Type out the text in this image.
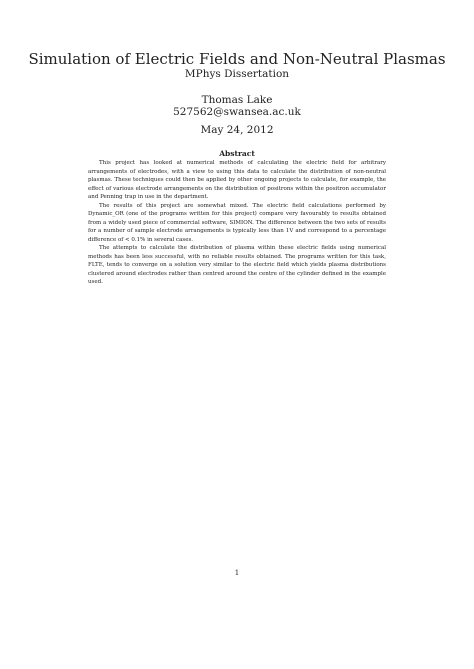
Simulation of Electric Fields and Non-Neutral Plasmas
MPhys Dissertation
Thomas Lake
527562@swansea.ac.uk
May 24, 2012
Abstract

This project has looked at numerical methods of calculating the electric field for arbitrary arrangements of electrodes, with a view to using this data to calculate the distribution of non-neutral plasmas. These techniques could then be applied by other ongoing projects to calculate, for example, the effect of various electrode arrangements on the distribution of positrons within the positron accumulator and Penning trap in use in the department.

The results of this project are somewhat mixed. The electric field calculations performed by Dynamic_OR (one of the programs written for this project) compare very favourably to results obtained from a widely used piece of commercial software, SIMION. The difference between the two sets of results for a number of sample electrode arrangements is typically less than 1V and correspond to a percentage difference of < 0.1% in several cases.

The attempts to calculate the distribution of plasma within these electric fields using numerical methods has been less successful, with no reliable results obtained. The programs written for this task, FLTE, tends to converge on a solution very similar to the electric field which yields plasma distributions clustered around electrodes rather than centred around the centre of the cylinder defined in the example used.

1
